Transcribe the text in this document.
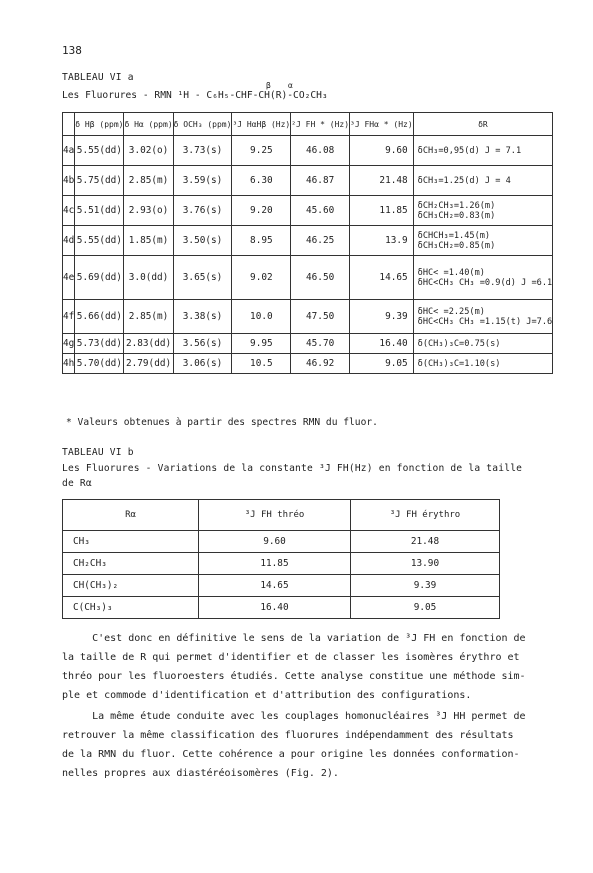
138
TABLEAU VI a
β α
Les Fluorures - RMN ¹H - C₆H₅-CHF-CH(R)-CO₂CH₃
	δ Hβ (ppm)	δ Hα (ppm)	δ OCH₃ (ppm)	³J HαHβ (Hz)	²J FH * (Hz)	³J FHα * (Hz)	δR
4a	5.55(dd)	3.02(o)	3.73(s)	9.25	46.08	9.60	δCH₃=0,95(d) J = 7.1

4b	5.75(dd)	2.85(m)	3.59(s)	6.30	46.87	21.48	δCH₃=1.25(d) J = 4

4c	5.51(dd)	2.93(o)	3.76(s)	9.20	45.60	11.85	δCH₂CH₃=1.26(m)
δCH₃CH₂=0.83(m)

4d	5.55(dd)	1.85(m)	3.50(s)	8.95	46.25	13.9	δCHCH₃=1.45(m)
δCH₃CH₂=0.85(m)

4e	5.69(dd)	3.0(dd)	3.65(s)	9.02	46.50	14.65	δHC< =1.40(m)
δHC<CH₃ CH₃ =0.9(d) J =6.1

4f	5.66(dd)	2.85(m)	3.38(s)	10.0	47.50	9.39	δHC< =2.25(m)
δHC<CH₃ CH₃ =1.15(t) J=7.6

4g	5.73(dd)	2.83(dd)	3.56(s)	9.95	45.70	16.40	δ(CH₃)₃C=0.75(s)

4h	5.70(dd)	2.79(dd)	3.06(s)	10.5	46.92	9.05	δ(CH₃)₃C=1.10(s)
* Valeurs obtenues à partir des spectres RMN du fluor.
TABLEAU VI b
Les Fluorures - Variations de la constante ³J FH(Hz) en fonction de la taille
de Rα
Rα	³J FH thréo	³J FH érythro
CH₃	9.60	21.48
CH₂CH₃	11.85	13.90
CH(CH₃)₂	14.65	9.39
C(CH₃)₃	16.40	9.05
C'est donc en définitive le sens de la variation de ³J FH en fonction de
la taille de R qui permet d'identifier et de classer les isomères érythro et
thréo pour les fluoroesters étudiés. Cette analyse constitue une méthode sim-
ple et commode d'identification et d'attribution des configurations.
La même étude conduite avec les couplages homonucléaires ³J HH permet de
retrouver la même classification des fluorures indépendamment des résultats
de la RMN du fluor. Cette cohérence a pour origine les données conformation-
nelles propres aux diastéréoisomères (Fig. 2).
